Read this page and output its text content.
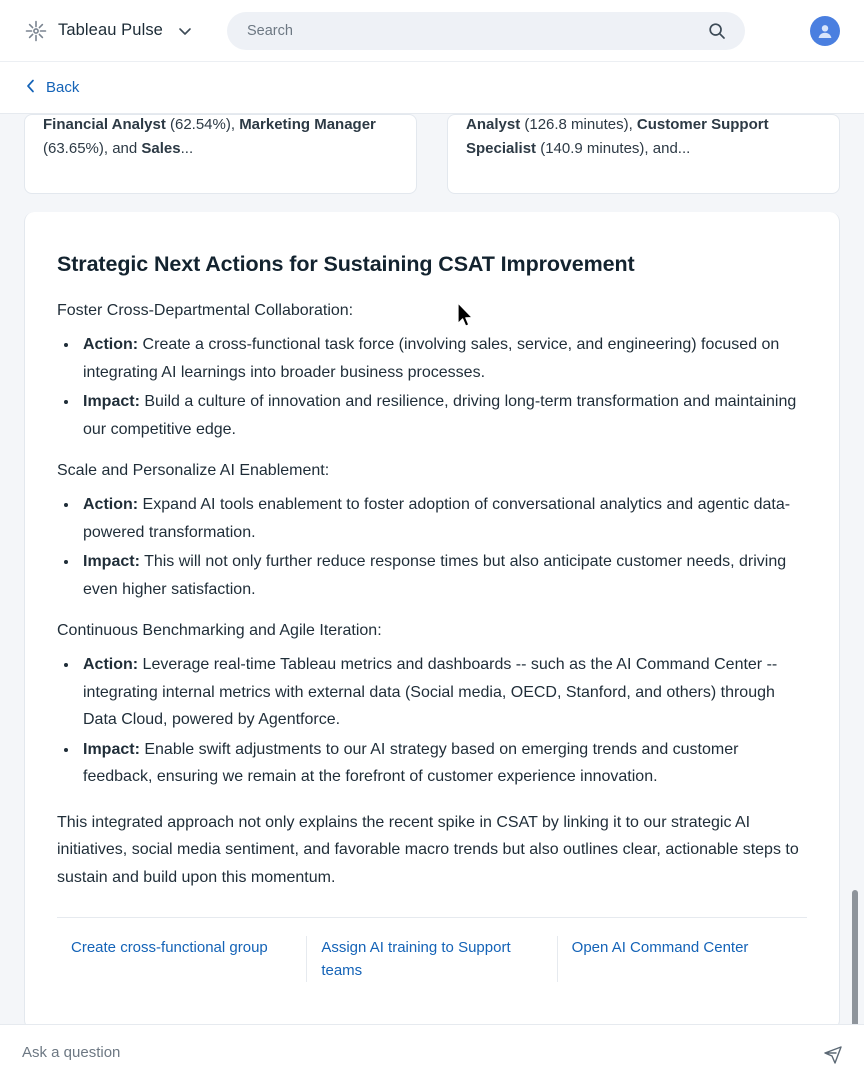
Tableau Pulse
Search
Back
Financial Analyst (62.54%), Marketing Manager (63.65%), and Sales...
Analyst (126.8 minutes), Customer Support Specialist (140.9 minutes), and...
Strategic Next Actions for Sustaining CSAT Improvement
Foster Cross-Departmental Collaboration:
• Action: Create a cross-functional task force (involving sales, service, and engineering) focused on integrating AI learnings into broader business processes.
• Impact: Build a culture of innovation and resilience, driving long-term transformation and maintaining our competitive edge.
Scale and Personalize AI Enablement:
• Action: Expand AI tools enablement to foster adoption of conversational analytics and agentic data-powered transformation.
• Impact: This will not only further reduce response times but also anticipate customer needs, driving even higher satisfaction.
Continuous Benchmarking and Agile Iteration:
• Action: Leverage real-time Tableau metrics and dashboards -- such as the AI Command Center -- integrating internal metrics with external data (Social media, OECD, Stanford, and others) through Data Cloud, powered by Agentforce.
• Impact: Enable swift adjustments to our AI strategy based on emerging trends and customer feedback, ensuring we remain at the forefront of customer experience innovation.

This integrated approach not only explains the recent spike in CSAT by linking it to our strategic AI initiatives, social media sentiment, and favorable macro trends but also outlines clear, actionable steps to sustain and build upon this momentum.

Create cross-functional group	Assign AI training to Support teams
Open AI Command Center
Ask a question
